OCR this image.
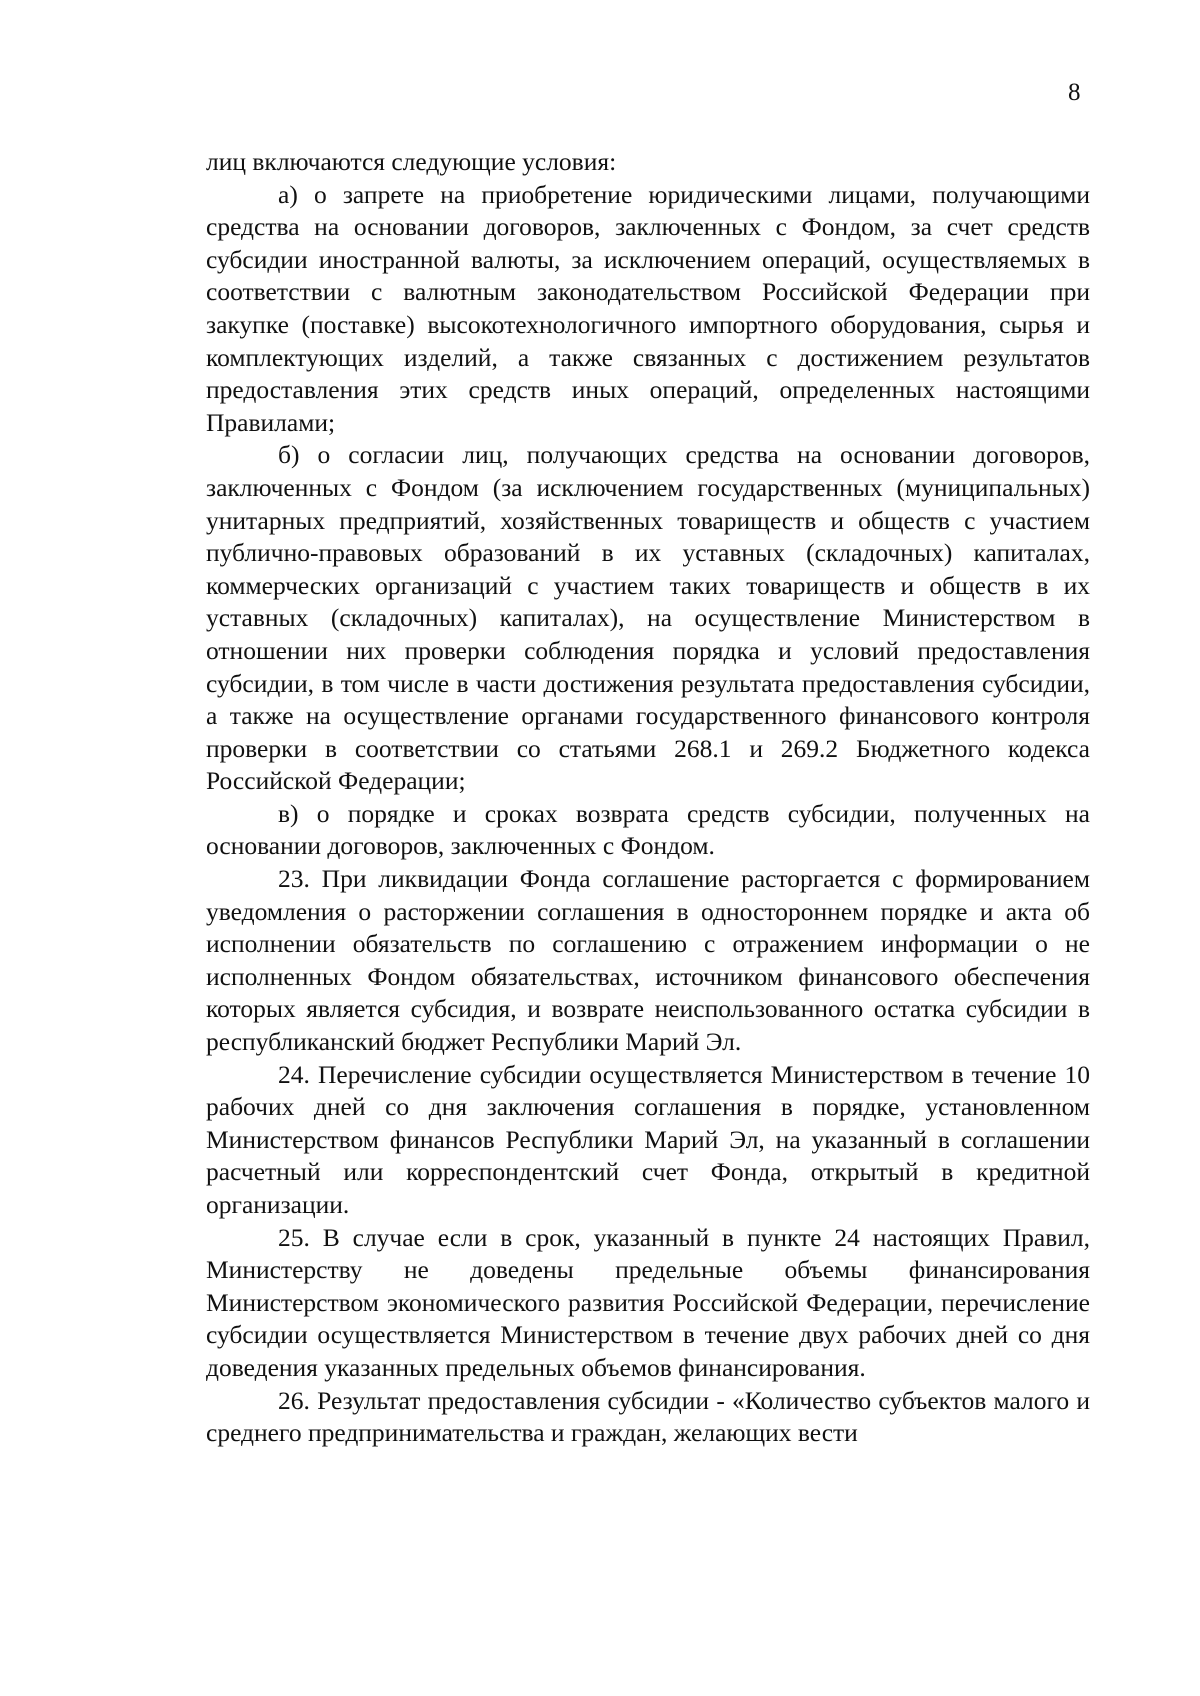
8

лиц включаются следующие условия:

а) о запрете на приобретение юридическими лицами, получающими средства на основании договоров, заключенных с Фондом, за счет средств субсидии иностранной валюты, за исключением операций, осуществляемых в соответствии с валютным законодательством Российской Федерации при закупке (поставке) высокотехнологичного импортного оборудования, сырья и комплектующих изделий, а также связанных с достижением результатов предоставления этих средств иных операций, определенных настоящими Правилами;

б) о согласии лиц, получающих средства на основании договоров, заключенных с Фондом (за исключением государственных (муниципальных) унитарных предприятий, хозяйственных товариществ и обществ с участием публично-правовых образований в их уставных (складочных) капиталах, коммерческих организаций с участием таких товариществ и обществ в их уставных (складочных) капиталах), на осуществление Министерством в отношении них проверки соблюдения порядка и условий предоставления субсидии, в том числе в части достижения результата предоставления субсидии, а также на осуществление органами государственного финансового контроля проверки в соответствии со статьями 268.1 и 269.2 Бюджетного кодекса Российской Федерации;

в) о порядке и сроках возврата средств субсидии, полученных на основании договоров, заключенных с Фондом.

23. При ликвидации Фонда соглашение расторгается с формированием уведомления о расторжении соглашения в одностороннем порядке и акта об исполнении обязательств по соглашению с отражением информации о не исполненных Фондом обязательствах, источником финансового обеспечения которых является субсидия, и возврате неиспользованного остатка субсидии в республиканский бюджет Республики Марий Эл.

24. Перечисление субсидии осуществляется Министерством в течение 10 рабочих дней со дня заключения соглашения в порядке, установленном Министерством финансов Республики Марий Эл, на указанный в соглашении расчетный или корреспондентский счет Фонда, открытый в кредитной организации.

25. В случае если в срок, указанный в пункте 24 настоящих Правил, Министерству не доведены предельные объемы финансирования Министерством экономического развития Российской Федерации, перечисление субсидии осуществляется Министерством в течение двух рабочих дней со дня доведения указанных предельных объемов финансирования.

26. Результат предоставления субсидии - «Количество субъектов малого и среднего предпринимательства и граждан, желающих вести
